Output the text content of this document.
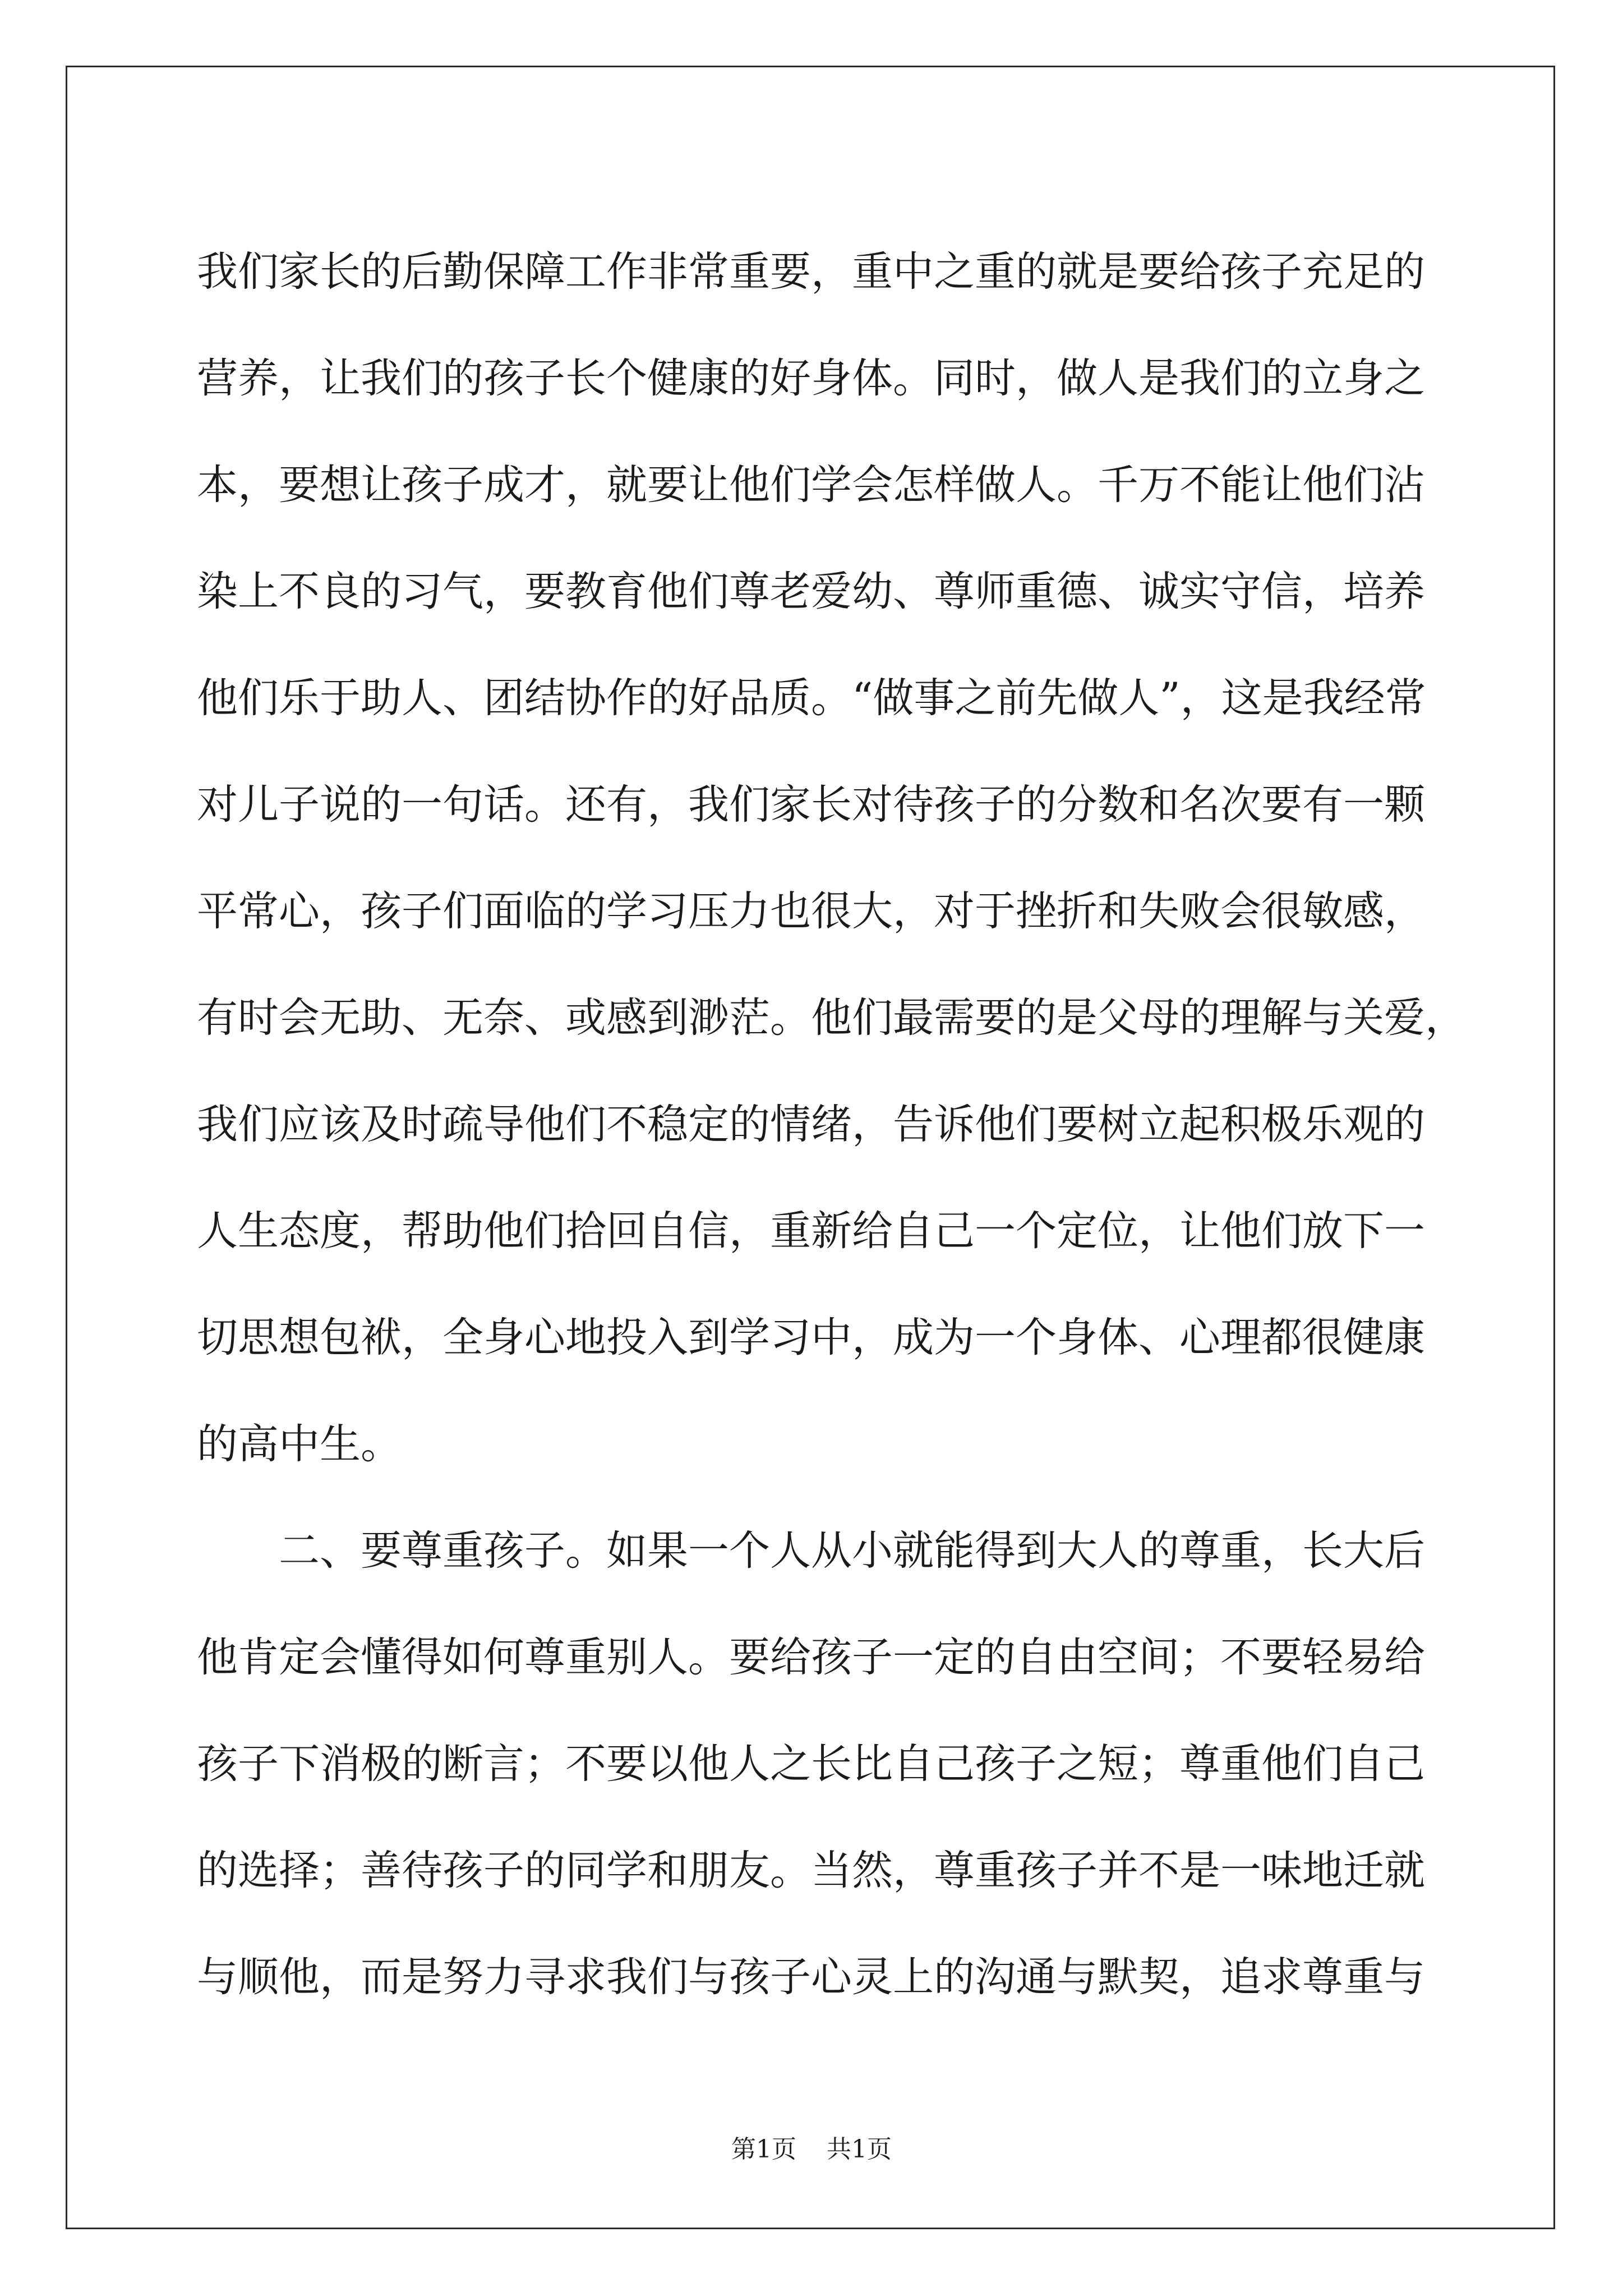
我们家长的后勤保障工作非常重要，重中之重的就是要给孩子充足的
营养，让我们的孩子长个健康的好身体。同时，做人是我们的立身之
本，要想让孩子成才，就要让他们学会怎样做人。千万不能让他们沾
染上不良的习气，要教育他们尊老爱幼、尊师重德、诚实守信，培养
他们乐于助人、团结协作的好品质。“做事之前先做人”，这是我经常
对儿子说的一句话。还有，我们家长对待孩子的分数和名次要有一颗
平常心，孩子们面临的学习压力也很大，对于挫折和失败会很敏感，
有时会无助、无奈、或感到渺茫。他们最需要的是父母的理解与关爱，
我们应该及时疏导他们不稳定的情绪，告诉他们要树立起积极乐观的
人生态度，帮助他们拾回自信，重新给自己一个定位，让他们放下一
切思想包袱，全身心地投入到学习中，成为一个身体、心理都很健康
的高中生。
二、要尊重孩子。如果一个人从小就能得到大人的尊重，长大后
他肯定会懂得如何尊重别人。要给孩子一定的自由空间；不要轻易给
孩子下消极的断言；不要以他人之长比自己孩子之短；尊重他们自己
的选择；善待孩子的同学和朋友。当然，尊重孩子并不是一味地迁就
与顺他，而是努力寻求我们与孩子心灵上的沟通与默契，追求尊重与
第1页 共1页
